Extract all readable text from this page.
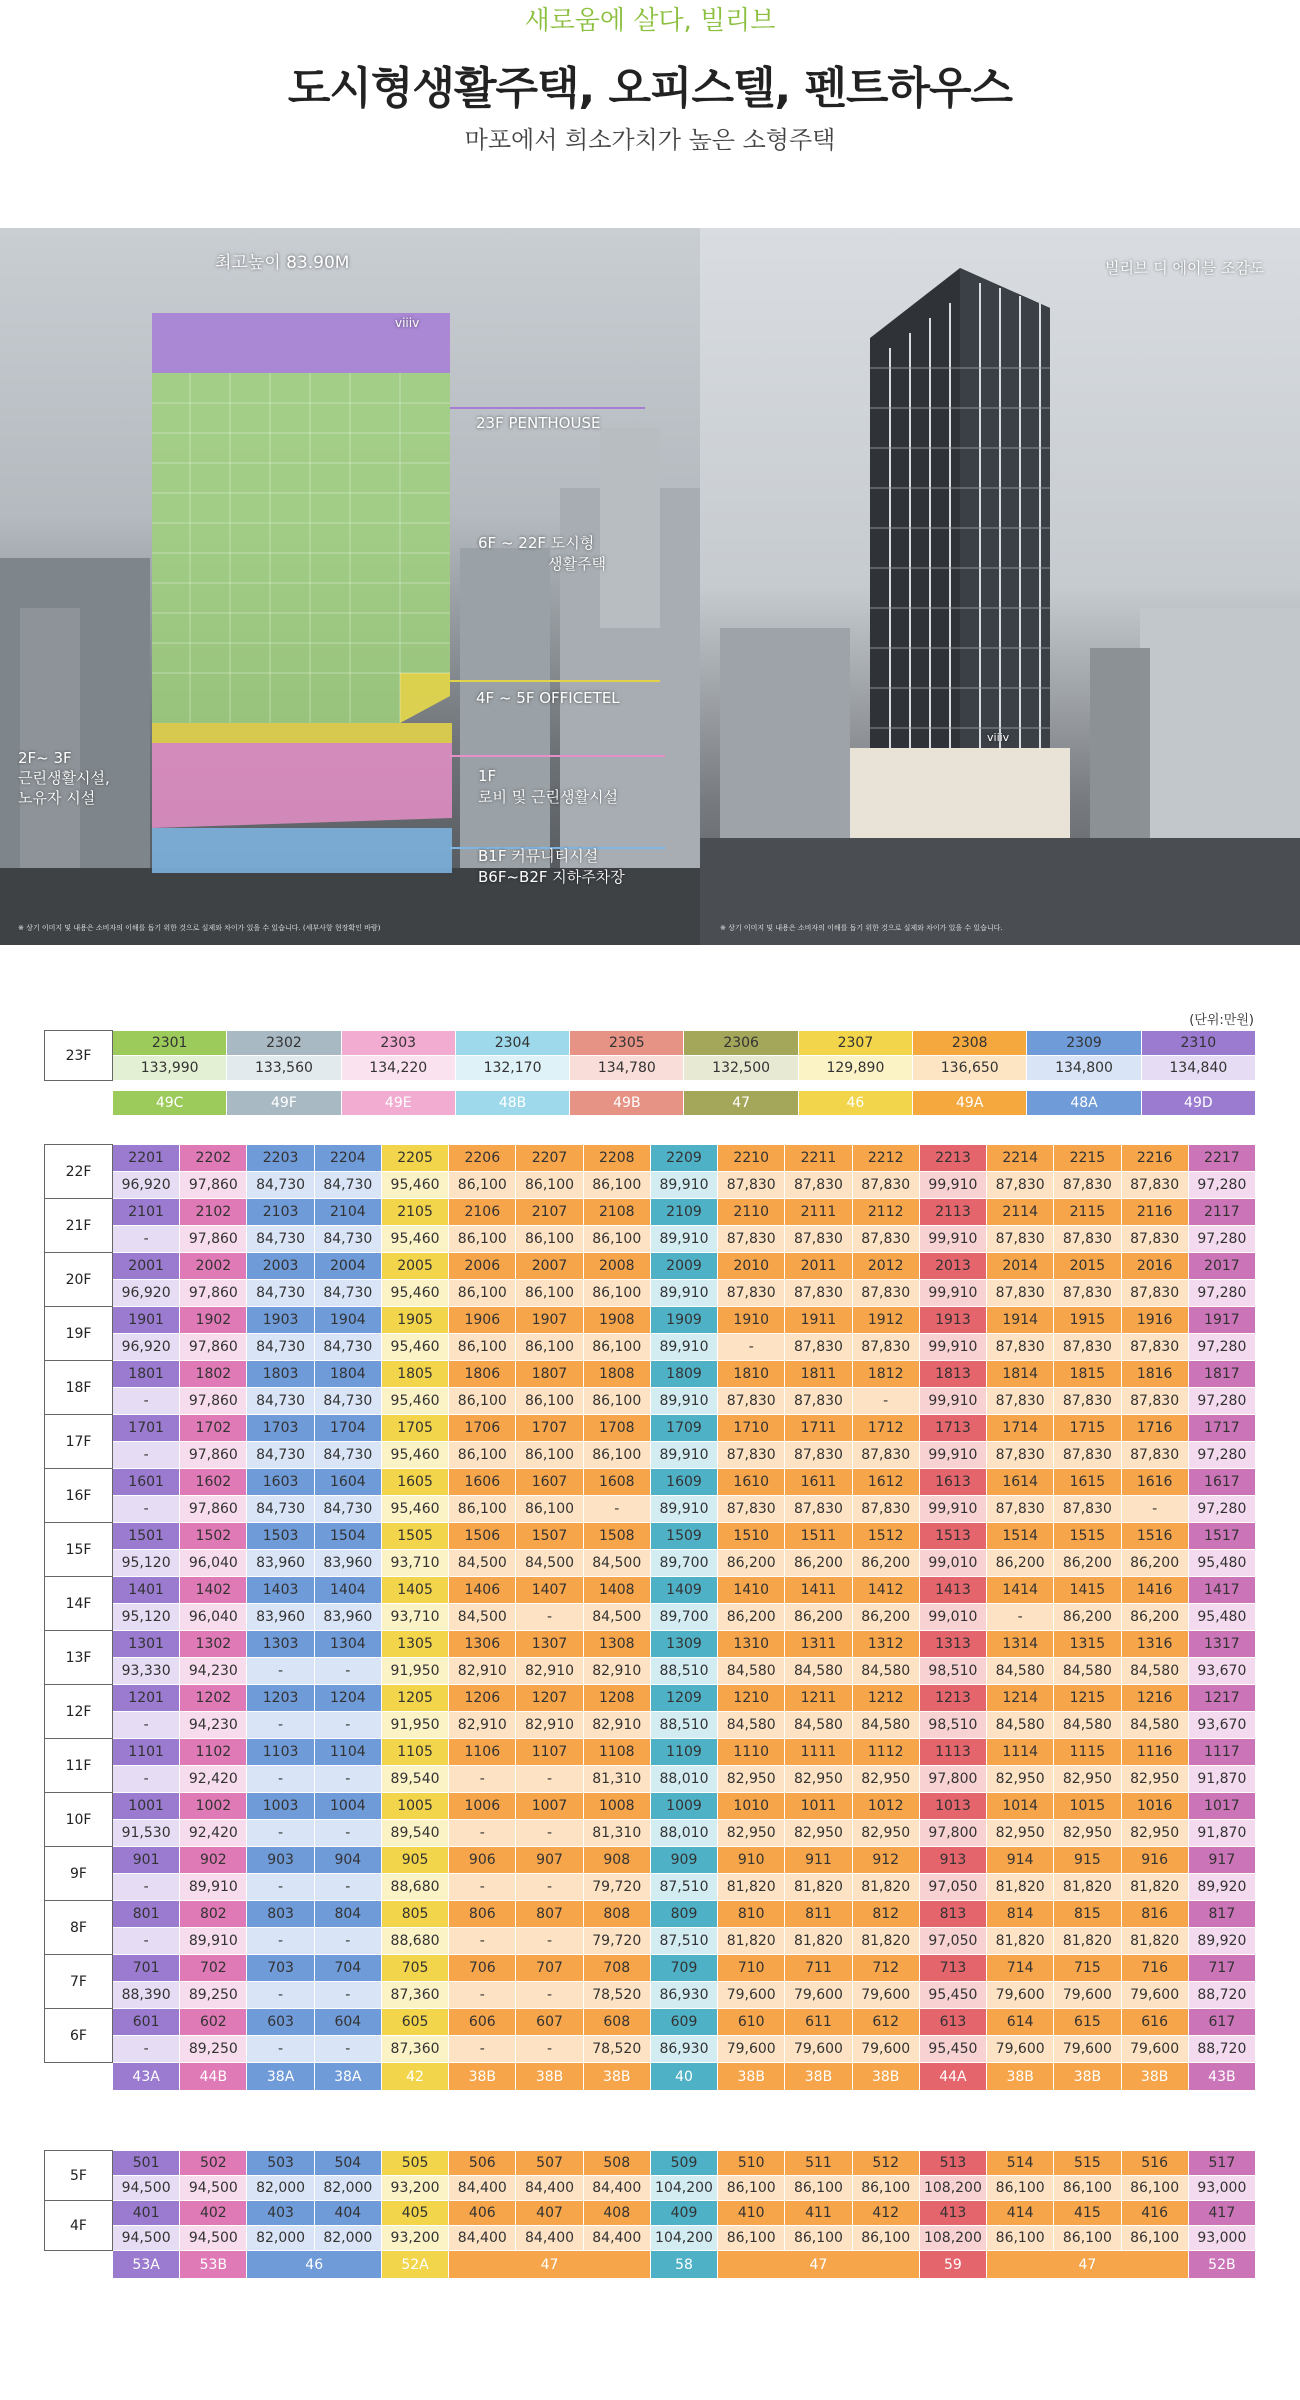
새로움에 살다, 빌리브
도시형생활주택, 오피스텔, 펜트하우스
마포에서 희소가치가 높은 소형주택
최고높이 83.90M
viiiv
23F PENTHOUSE
6F ~ 22F 도시형
생활주택
4F ~ 5F OFFICETEL
2F~ 3F
근린생활시설,
노유자 시설
1F
로비 및 근린생활시설
B1F 커뮤니티시설
B6F~B2F 지하주차장
※ 상기 이미지 및 내용은 소비자의 이해를 돕기 위한 것으로 실제와 차이가 있을 수 있습니다. (세부사항 현장확인 바람)
빌리브 디 에이블 조감도
viiiv
※ 상기 이미지 및 내용은 소비자의 이해를 돕기 위한 것으로 실제와 차이가 있을 수 있습니다.
(단위:만원)
23F	2301	2302	2303	2304	2305	2306	2307	2308	2309	2310
	133,990	133,560	134,220	132,170	134,780	132,500	129,890	136,650	134,800	134,840
49C	49F	49E	48B	49B	47	46	49A	48A	49D
22F	2201	2202	2203	2204	2205	2206	2207	2208	2209	2210	2211	2212	2213	2214	2215	2216	2217
	96,920	97,860	84,730	84,730	95,460	86,100	86,100	86,100	89,910	87,830	87,830	87,830	99,910	87,830	87,830	87,830	97,280
21F	2101	2102	2103	2104	2105	2106	2107	2108	2109	2110	2111	2112	2113	2114	2115	2116	2117
	-	97,860	84,730	84,730	95,460	86,100	86,100	86,100	89,910	87,830	87,830	87,830	99,910	87,830	87,830	87,830	97,280
20F	2001	2002	2003	2004	2005	2006	2007	2008	2009	2010	2011	2012	2013	2014	2015	2016	2017
	96,920	97,860	84,730	84,730	95,460	86,100	86,100	86,100	89,910	87,830	87,830	87,830	99,910	87,830	87,830	87,830	97,280
19F	1901	1902	1903	1904	1905	1906	1907	1908	1909	1910	1911	1912	1913	1914	1915	1916	1917
	96,920	97,860	84,730	84,730	95,460	86,100	86,100	86,100	89,910	-	87,830	87,830	99,910	87,830	87,830	87,830	97,280
18F	1801	1802	1803	1804	1805	1806	1807	1808	1809	1810	1811	1812	1813	1814	1815	1816	1817
	-	97,860	84,730	84,730	95,460	86,100	86,100	86,100	89,910	87,830	87,830	-	99,910	87,830	87,830	87,830	97,280
17F	1701	1702	1703	1704	1705	1706	1707	1708	1709	1710	1711	1712	1713	1714	1715	1716	1717
	-	97,860	84,730	84,730	95,460	86,100	86,100	86,100	89,910	87,830	87,830	87,830	99,910	87,830	87,830	87,830	97,280
16F	1601	1602	1603	1604	1605	1606	1607	1608	1609	1610	1611	1612	1613	1614	1615	1616	1617
	-	97,860	84,730	84,730	95,460	86,100	86,100	-	89,910	87,830	87,830	87,830	99,910	87,830	87,830	-	97,280
15F	1501	1502	1503	1504	1505	1506	1507	1508	1509	1510	1511	1512	1513	1514	1515	1516	1517
	95,120	96,040	83,960	83,960	93,710	84,500	84,500	84,500	89,700	86,200	86,200	86,200	99,010	86,200	86,200	86,200	95,480
14F	1401	1402	1403	1404	1405	1406	1407	1408	1409	1410	1411	1412	1413	1414	1415	1416	1417
	95,120	96,040	83,960	83,960	93,710	84,500	-	84,500	89,700	86,200	86,200	86,200	99,010	-	86,200	86,200	95,480
13F	1301	1302	1303	1304	1305	1306	1307	1308	1309	1310	1311	1312	1313	1314	1315	1316	1317
	93,330	94,230	-	-	91,950	82,910	82,910	82,910	88,510	84,580	84,580	84,580	98,510	84,580	84,580	84,580	93,670
12F	1201	1202	1203	1204	1205	1206	1207	1208	1209	1210	1211	1212	1213	1214	1215	1216	1217
	-	94,230	-	-	91,950	82,910	82,910	82,910	88,510	84,580	84,580	84,580	98,510	84,580	84,580	84,580	93,670
11F	1101	1102	1103	1104	1105	1106	1107	1108	1109	1110	1111	1112	1113	1114	1115	1116	1117
	-	92,420	-	-	89,540	-	-	81,310	88,010	82,950	82,950	82,950	97,800	82,950	82,950	82,950	91,870
10F	1001	1002	1003	1004	1005	1006	1007	1008	1009	1010	1011	1012	1013	1014	1015	1016	1017
	91,530	92,420	-	-	89,540	-	-	81,310	88,010	82,950	82,950	82,950	97,800	82,950	82,950	82,950	91,870
9F	901	902	903	904	905	906	907	908	909	910	911	912	913	914	915	916	917
	-	89,910	-	-	88,680	-	-	79,720	87,510	81,820	81,820	81,820	97,050	81,820	81,820	81,820	89,920
8F	801	802	803	804	805	806	807	808	809	810	811	812	813	814	815	816	817
	-	89,910	-	-	88,680	-	-	79,720	87,510	81,820	81,820	81,820	97,050	81,820	81,820	81,820	89,920
7F	701	702	703	704	705	706	707	708	709	710	711	712	713	714	715	716	717
	88,390	89,250	-	-	87,360	-	-	78,520	86,930	79,600	79,600	79,600	95,450	79,600	79,600	79,600	88,720
6F	601	602	603	604	605	606	607	608	609	610	611	612	613	614	615	616	617
	-	89,250	-	-	87,360	-	-	78,520	86,930	79,600	79,600	79,600	95,450	79,600	79,600	79,600	88,720
	43A	44B	38A	38A	42	38B	38B	38B	40	38B	38B	38B	44A	38B	38B	38B	43B
5F	501	502	503	504	505	506	507	508	509	510	511	512	513	514	515	516	517
	94,500	94,500	82,000	82,000	93,200	84,400	84,400	84,400	104,200	86,100	86,100	86,100	108,200	86,100	86,100	86,100	93,000
4F	401	402	403	404	405	406	407	408	409	410	411	412	413	414	415	416	417
	94,500	94,500	82,000	82,000	93,200	84,400	84,400	84,400	104,200	86,100	86,100	86,100	108,200	86,100	86,100	86,100	93,000
	53A	53B	46		52A	47			58	47			59	47			52B
